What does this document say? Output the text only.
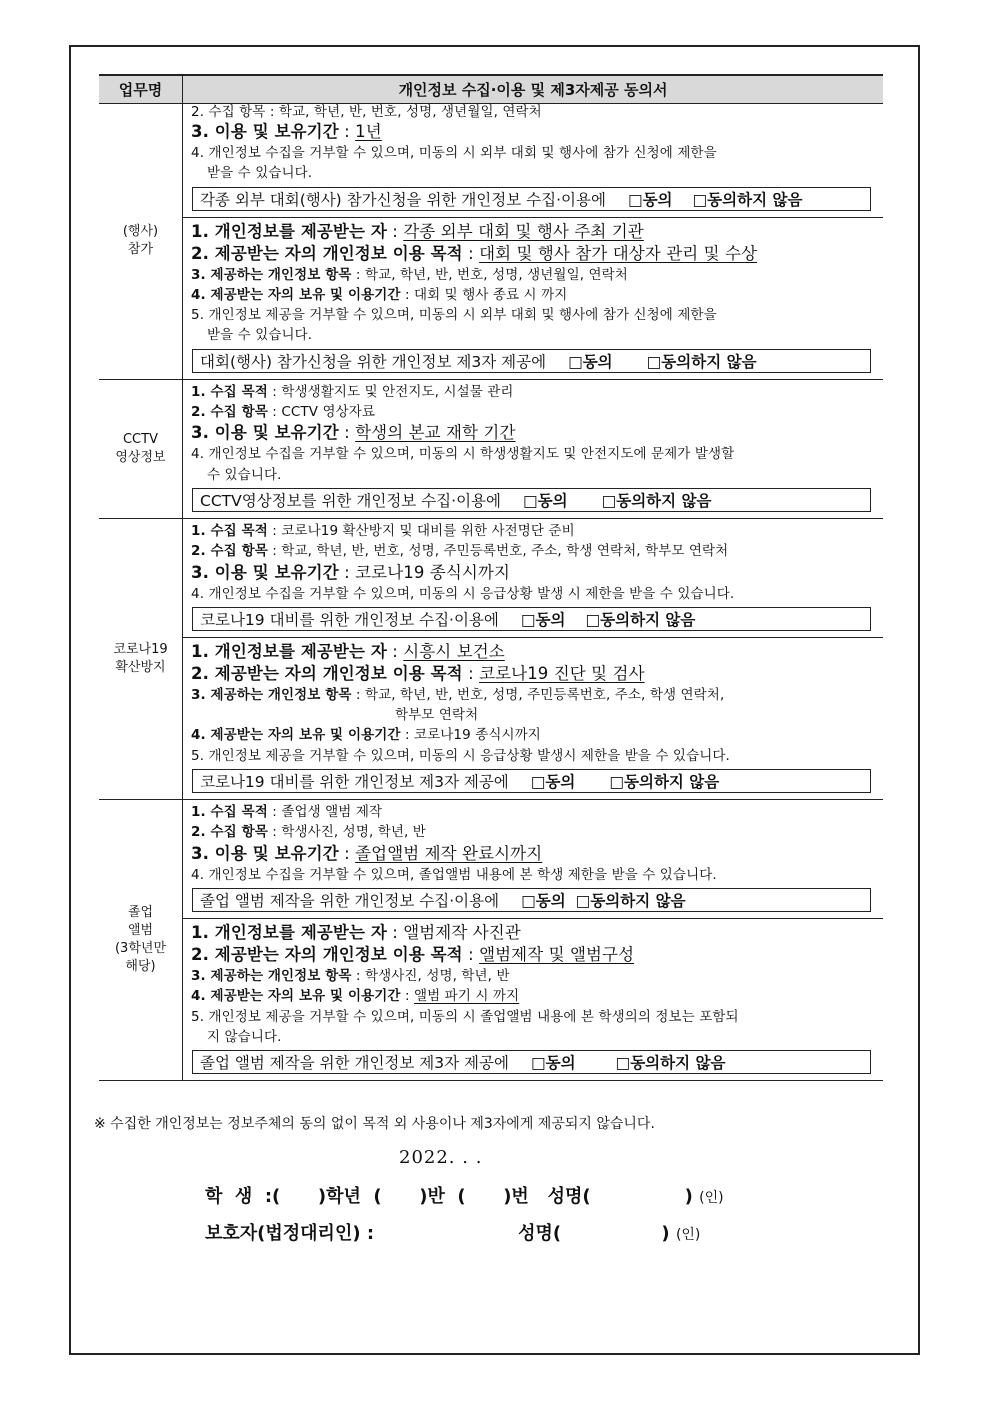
업무명	개인정보 수집·이용 및 제3자제공 동의서
(행사)
참가
2. 수집 항목 : 학교, 학년, 반, 번호, 성명, 생년월일, 연락처
3. 이용 및 보유기간 : 1년
4. 개인정보 수집을 거부할 수 있으며, 미동의 시 외부 대회 및 행사에 참가 신청에 제한을
받을 수 있습니다.
각종 외부 대회(행사) 참가신청을 위한 개인정보 수집·이용에 □동의 □동의하지 않음
1. 개인정보를 제공받는 자 : 각종 외부 대회 및 행사 주최 기관
2. 제공받는 자의 개인정보 이용 목적 : 대회 및 행사 참가 대상자 관리 및 수상
3. 제공하는 개인정보 항목 : 학교, 학년, 반, 번호, 성명, 생년월일, 연락처
4. 제공받는 자의 보유 및 이용기간 : 대회 및 행사 종료 시 까지
5. 개인정보 제공을 거부할 수 있으며, 미동의 시 외부 대회 및 행사에 참가 신청에 제한을
받을 수 있습니다.
대회(행사) 참가신청을 위한 개인정보 제3자 제공에 □동의 □동의하지 않음
CCTV
영상정보
1. 수집 목적 : 학생생활지도 및 안전지도, 시설물 관리
2. 수집 항목 : CCTV 영상자료
3. 이용 및 보유기간 : 학생의 본교 재학 기간
4. 개인정보 수집을 거부할 수 있으며, 미동의 시 학생생활지도 및 안전지도에 문제가 발생할
수 있습니다.
CCTV영상정보를 위한 개인정보 수집·이용에 □동의 □동의하지 않음
코로나19
확산방지
1. 수집 목적 : 코로나19 확산방지 및 대비를 위한 사전명단 준비
2. 수집 항목 : 학교, 학년, 반, 번호, 성명, 주민등록번호, 주소, 학생 연락처, 학부모 연락처
3. 이용 및 보유기간 : 코로나19 종식시까지
4. 개인정보 수집을 거부할 수 있으며, 미동의 시 응급상황 발생 시 제한을 받을 수 있습니다.
코로나19 대비를 위한 개인정보 수집·이용에 □동의 □동의하지 않음
1. 개인정보를 제공받는 자 : 시흥시 보건소
2. 제공받는 자의 개인정보 이용 목적 : 코로나19 진단 및 검사
3. 제공하는 개인정보 항목 : 학교, 학년, 반, 번호, 성명, 주민등록번호, 주소, 학생 연락처,
학부모 연락처
4. 제공받는 자의 보유 및 이용기간 : 코로나19 종식시까지
5. 개인정보 제공을 거부할 수 있으며, 미동의 시 응급상황 발생시 제한을 받을 수 있습니다.
코로나19 대비를 위한 개인정보 제3자 제공에 □동의 □동의하지 않음
졸업
앨범
(3학년만
해당)
1. 수집 목적 : 졸업생 앨범 제작
2. 수집 항목 : 학생사진, 성명, 학년, 반
3. 이용 및 보유기간 : 졸업앨범 제작 완료시까지
4. 개인정보 수집을 거부할 수 있으며, 졸업앨범 내용에 본 학생 제한을 받을 수 있습니다.
졸업 앨범 제작을 위한 개인정보 수집·이용에 □동의 □동의하지 않음
1. 개인정보를 제공받는 자 : 앨범제작 사진관
2. 제공받는 자의 개인정보 이용 목적 : 앨범제작 및 앨범구성
3. 제공하는 개인정보 항목 : 학생사진, 성명, 학년, 반
4. 제공받는 자의 보유 및 이용기간 : 앨범 파기 시 까지
5. 개인정보 제공을 거부할 수 있으며, 미동의 시 졸업앨범 내용에 본 학생의의 정보는 포함되
지 않습니다.
졸업 앨범 제작을 위한 개인정보 제3자 제공에 □동의	□동의하지 않음
※ 수집한 개인정보는 정보주체의 동의 없이 목적 외 사용이나 제3자에게 제공되지 않습니다.
2022. . .
학  생  :(      )학년  (      )반  (      )번   성명(               ) (인)
보호자(법정대리인) :                       성명(                ) (인)
